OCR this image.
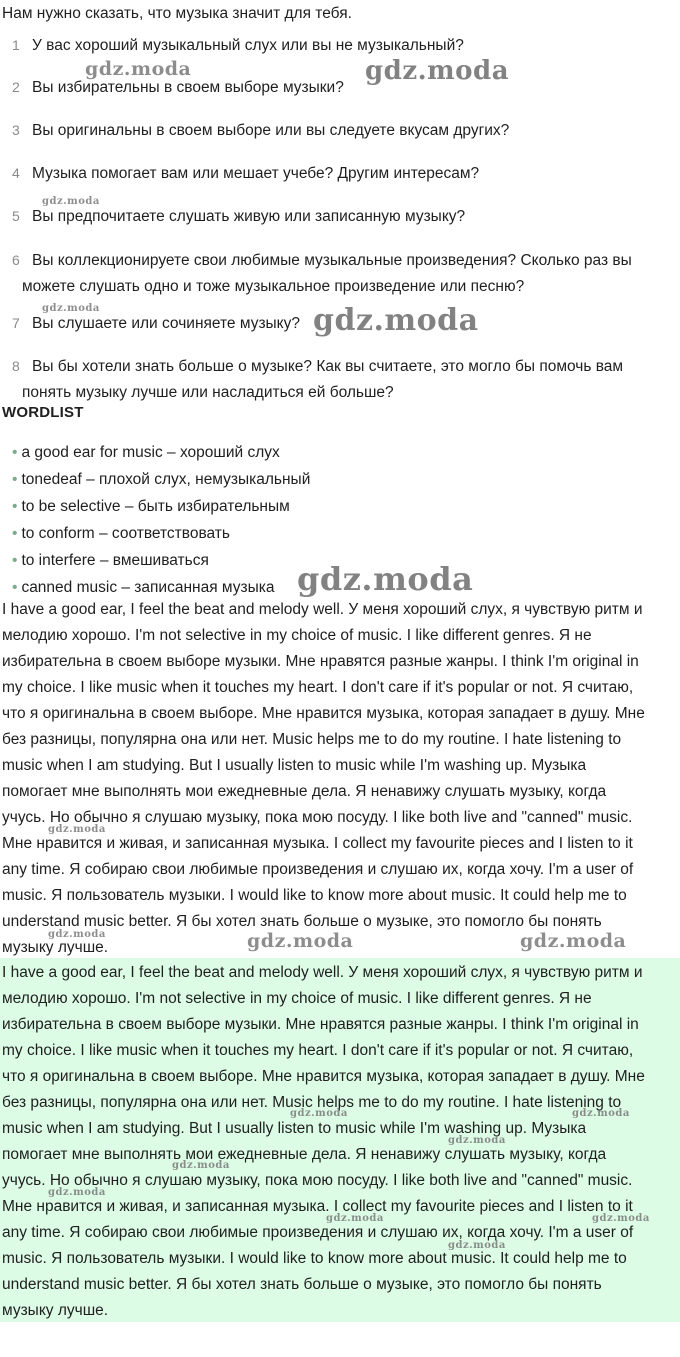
Нам нужно сказать, что музыка значит для тебя.
1 У вас хороший музыкальный слух или вы не музыкальный?
2 Вы избирательны в своем выборе музыки?
3 Вы оригинальны в своем выборе или вы следуете вкусам других?
4 Музыка помогает вам или мешает учебе? Другим интересам?
5 Вы предпочитаете слушать живую или записанную музыку?
6 Вы коллекционируете свои любимые музыкальные произведения? Сколько раз вы
можете слушать одно и тоже музыкальное произведение или песню?
7 Вы слушаете или сочиняете музыку?
8 Вы бы хотели знать больше о музыке? Как вы считаете, это могло бы помочь вам
понять музыку лучше или насладиться ей больше?
WORDLIST
• a good ear for music – хороший слух
• tonedeaf – плохой слух, немузыкальный
• to be selective – быть избирательным
• to conform – соответствовать
• to interfere – вмешиваться
• canned music – записанная музыка
I have a good ear, I feel the beat and melody well. У меня хороший слух, я чувствую ритм и
мелодию хорошо. I'm not selective in my choice of music. I like different genres. Я не
избирательна в своем выборе музыки. Мне нравятся разные жанры. I think I'm original in
my choice. I like music when it touches my heart. I don't care if it's popular or not. Я считаю,
что я оригинальна в своем выборе. Мне нравится музыка, которая западает в душу. Мне
без разницы, популярна она или нет. Music helps me to do my routine. I hate listening to
music when I am studying. But I usually listen to music while I'm washing up. Музыка
помогает мне выполнять мои ежедневные дела. Я ненавижу слушать музыку, когда
учусь. Но обычно я слушаю музыку, пока мою посуду. I like both live and "canned" music.
Мне нравится и живая, и записанная музыка. I collect my favourite pieces and I listen to it
any time. Я собираю свои любимые произведения и слушаю их, когда хочу. I'm a user of
music. Я пользователь музыки. I would like to know more about music. It could help me to
understand music better. Я бы хотел знать больше о музыке, это помогло бы понять
музыку лучше.
I have a good ear, I feel the beat and melody well. У меня хороший слух, я чувствую ритм и
мелодию хорошо. I'm not selective in my choice of music. I like different genres. Я не
избирательна в своем выборе музыки. Мне нравятся разные жанры. I think I'm original in
my choice. I like music when it touches my heart. I don't care if it's popular or not. Я считаю,
что я оригинальна в своем выборе. Мне нравится музыка, которая западает в душу. Мне
без разницы, популярна она или нет. Music helps me to do my routine. I hate listening to
music when I am studying. But I usually listen to music while I'm washing up. Музыка
помогает мне выполнять мои ежедневные дела. Я ненавижу слушать музыку, когда
учусь. Но обычно я слушаю музыку, пока мою посуду. I like both live and "canned" music.
Мне нравится и живая, и записанная музыка. I collect my favourite pieces and I listen to it
any time. Я собираю свои любимые произведения и слушаю их, когда хочу. I'm a user of
music. Я пользователь музыки. I would like to know more about music. It could help me to
understand music better. Я бы хотел знать больше о музыке, это помогло бы понять
музыку лучше.
gdz.moda	gdz.moda
gdz.moda
gdz.moda	gdz.moda
gdz.moda
gdz.moda
gdz.moda	gdz.moda	gdz.moda
gdz.moda	gdz.moda
gdz.moda
gdz.moda
gdz.moda
gdz.moda	gdz.moda
gdz.moda
